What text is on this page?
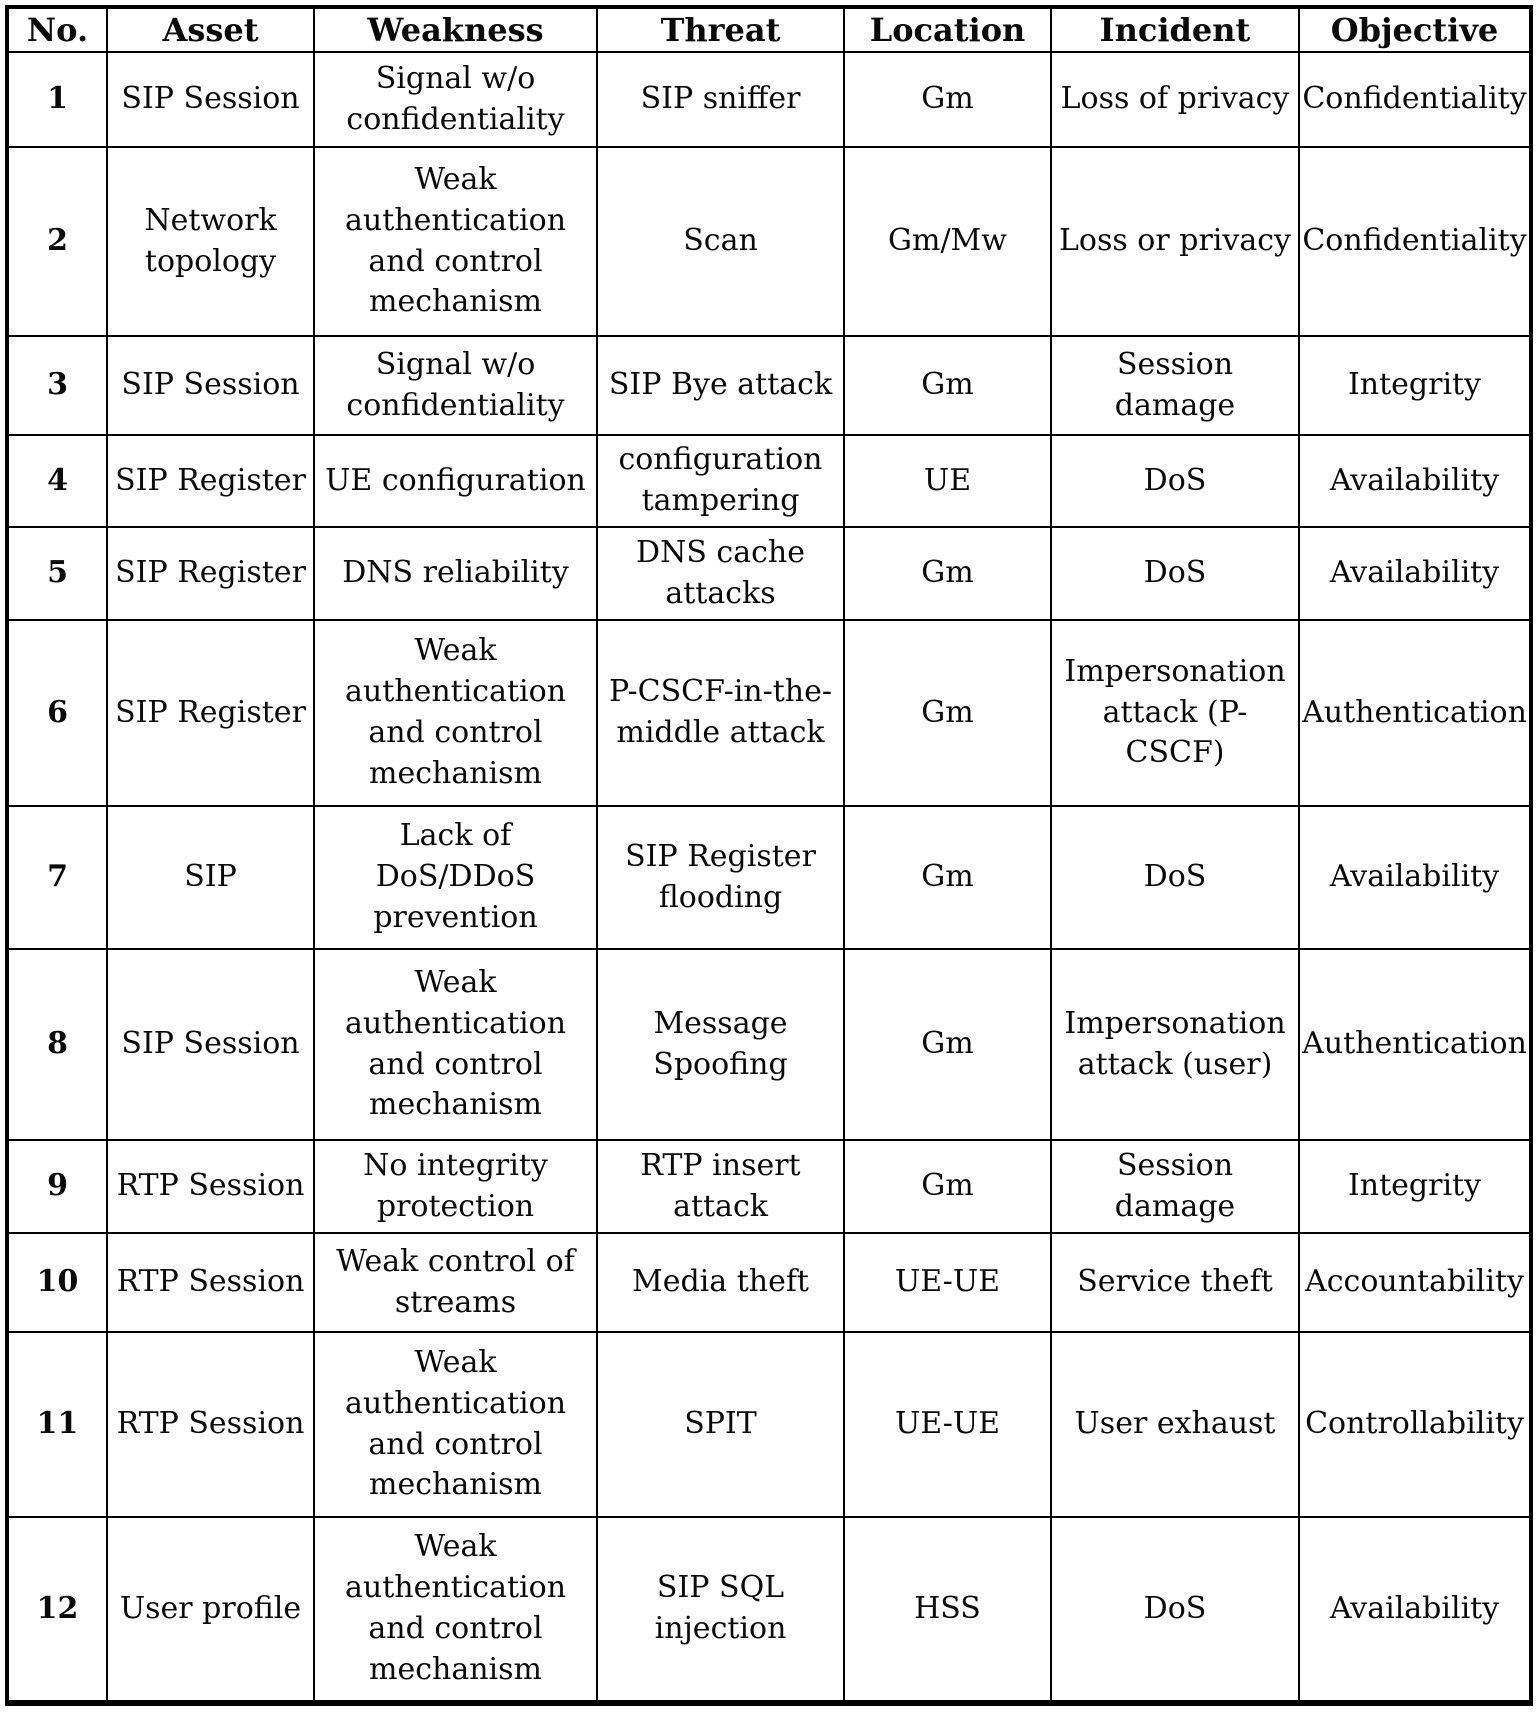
No.	Asset	Weakness	Threat	Location	Incident	Objective
1	SIP Session	Signal w/o confidentiality	SIP sniffer	Gm	Loss of privacy	Confidentiality
2	Network topology	Weak authentication and control mechanism	Scan	Gm/Mw	Loss or privacy	Confidentiality
3	SIP Session	Signal w/o confidentiality	SIP Bye attack	Gm	Session damage	Integrity
4	SIP Register	UE configuration	configuration tampering	UE	DoS	Availability
5	SIP Register	DNS reliability	DNS cache attacks	Gm	DoS	Availability
6	SIP Register	Weak authentication and control mechanism	P-CSCF-in-the-middle attack	Gm	Impersonation attack (P-CSCF)	Authentication
7	SIP	Lack of DoS/DDoS prevention	SIP Register flooding	Gm	DoS	Availability
8	SIP Session	Weak authentication and control mechanism	Message Spoofing	Gm	Impersonation attack (user)	Authentication
9	RTP Session	No integrity protection	RTP insert attack	Gm	Session damage	Integrity
10	RTP Session	Weak control of streams	Media theft	UE-UE	Service theft	Accountability
11	RTP Session	Weak authentication and control mechanism	SPIT	UE-UE	User exhaust	Controllability
12	User profile	Weak authentication and control mechanism	SIP SQL injection	HSS	DoS	Availability
